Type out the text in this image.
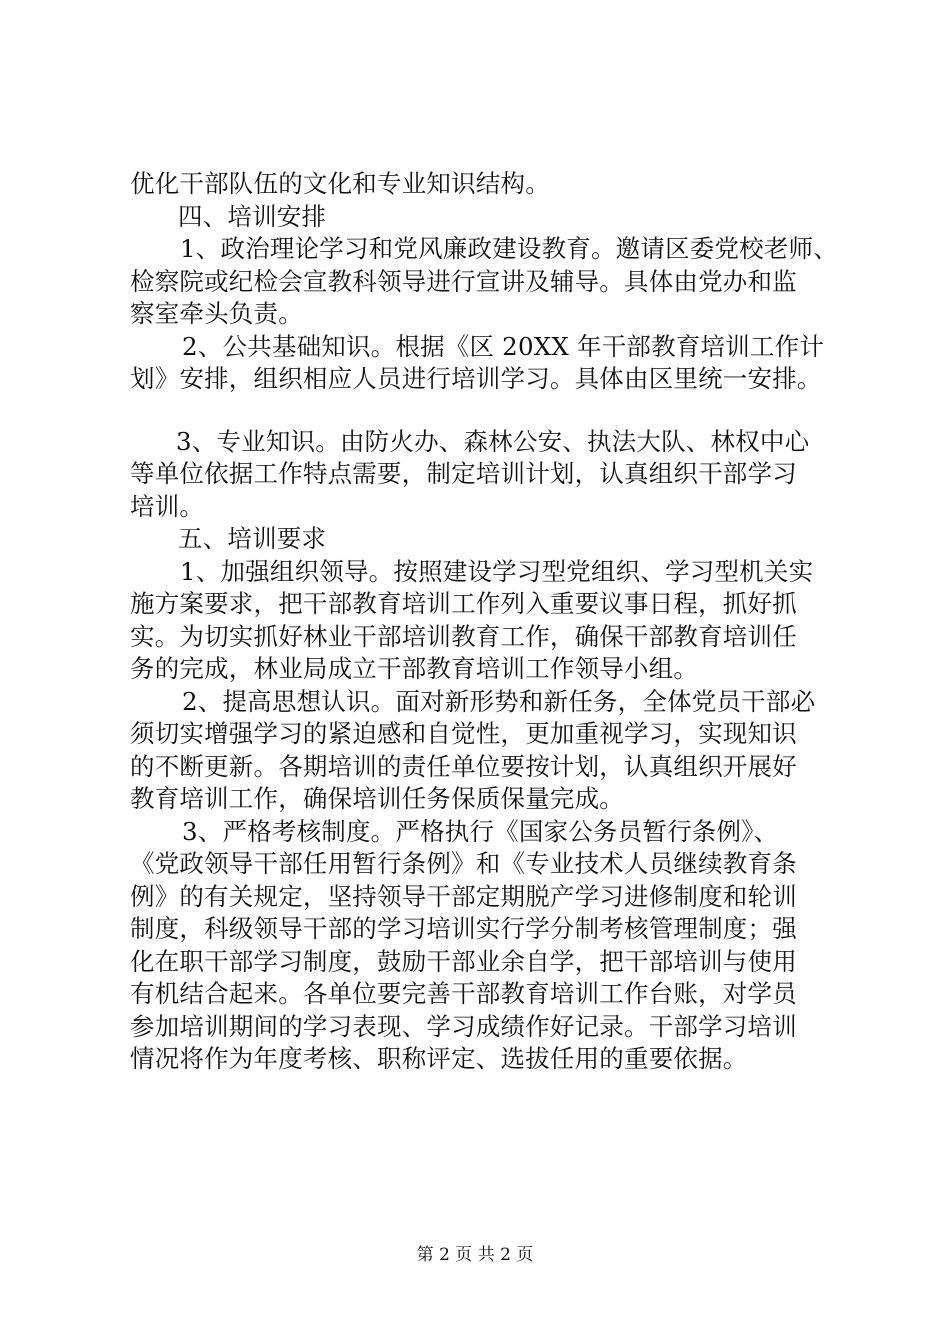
优化干部队伍的文化和专业知识结构。
四、培训安排
1、政治理论学习和党风廉政建设教育。邀请区委党校老师、
检察院或纪检会宣教科领导进行宣讲及辅导。具体由党办和监
察室牵头负责。
2、公共基础知识。根据《区 20XX 年干部教育培训工作计
划》安排，组织相应人员进行培训学习。具体由区里统一安排。
3、专业知识。由防火办、森林公安、执法大队、林权中心
等单位依据工作特点需要，制定培训计划，认真组织干部学习
培训。
五、培训要求
1、加强组织领导。按照建设学习型党组织、学习型机关实
施方案要求，把干部教育培训工作列入重要议事日程，抓好抓
实。为切实抓好林业干部培训教育工作，确保干部教育培训任
务的完成，林业局成立干部教育培训工作领导小组。
2、提高思想认识。面对新形势和新任务，全体党员干部必
须切实增强学习的紧迫感和自觉性，更加重视学习，实现知识
的不断更新。各期培训的责任单位要按计划，认真组织开展好
教育培训工作，确保培训任务保质保量完成。
3、严格考核制度。严格执行《国家公务员暂行条例》、
《党政领导干部任用暂行条例》和《专业技术人员继续教育条
例》的有关规定，坚持领导干部定期脱产学习进修制度和轮训
制度，科级领导干部的学习培训实行学分制考核管理制度；强
化在职干部学习制度，鼓励干部业余自学，把干部培训与使用
有机结合起来。各单位要完善干部教育培训工作台账，对学员
参加培训期间的学习表现、学习成绩作好记录。干部学习培训
情况将作为年度考核、职称评定、选拔任用的重要依据。
第 2 页 共 2 页
